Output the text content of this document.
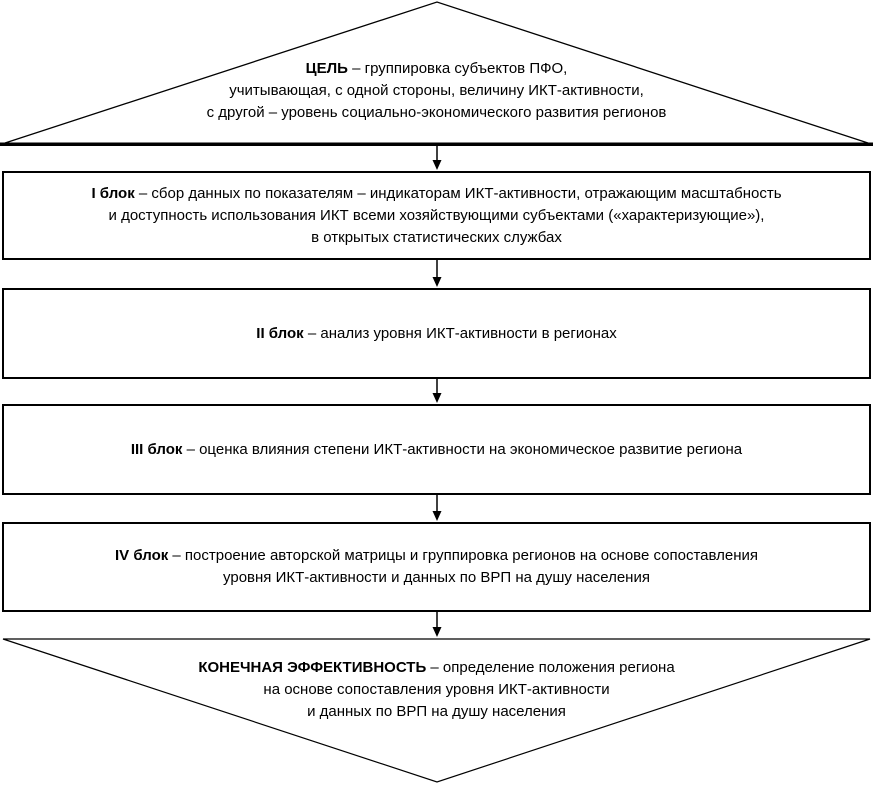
ЦЕЛЬ – группировка субъектов ПФО,
учитывающая, с одной стороны, величину ИКТ-активности,
с другой – уровень социально-экономического развития регионов
I блок – сбор данных по показателям – индикаторам ИКТ-активности, отражающим масштабность
и доступность использования ИКТ всеми хозяйствующими субъектами («характеризующие»),
в открытых статистических службах
II блок – анализ уровня ИКТ-активности в регионах
III блок – оценка влияния степени ИКТ-активности на экономическое развитие региона
IV блок – построение авторской матрицы и группировка регионов на основе сопоставления
уровня ИКТ-активности и данных по ВРП на душу населения
КОНЕЧНАЯ ЭФФЕКТИВНОСТЬ – определение положения региона
на основе сопоставления уровня ИКТ-активности
и данных по ВРП на душу населения
